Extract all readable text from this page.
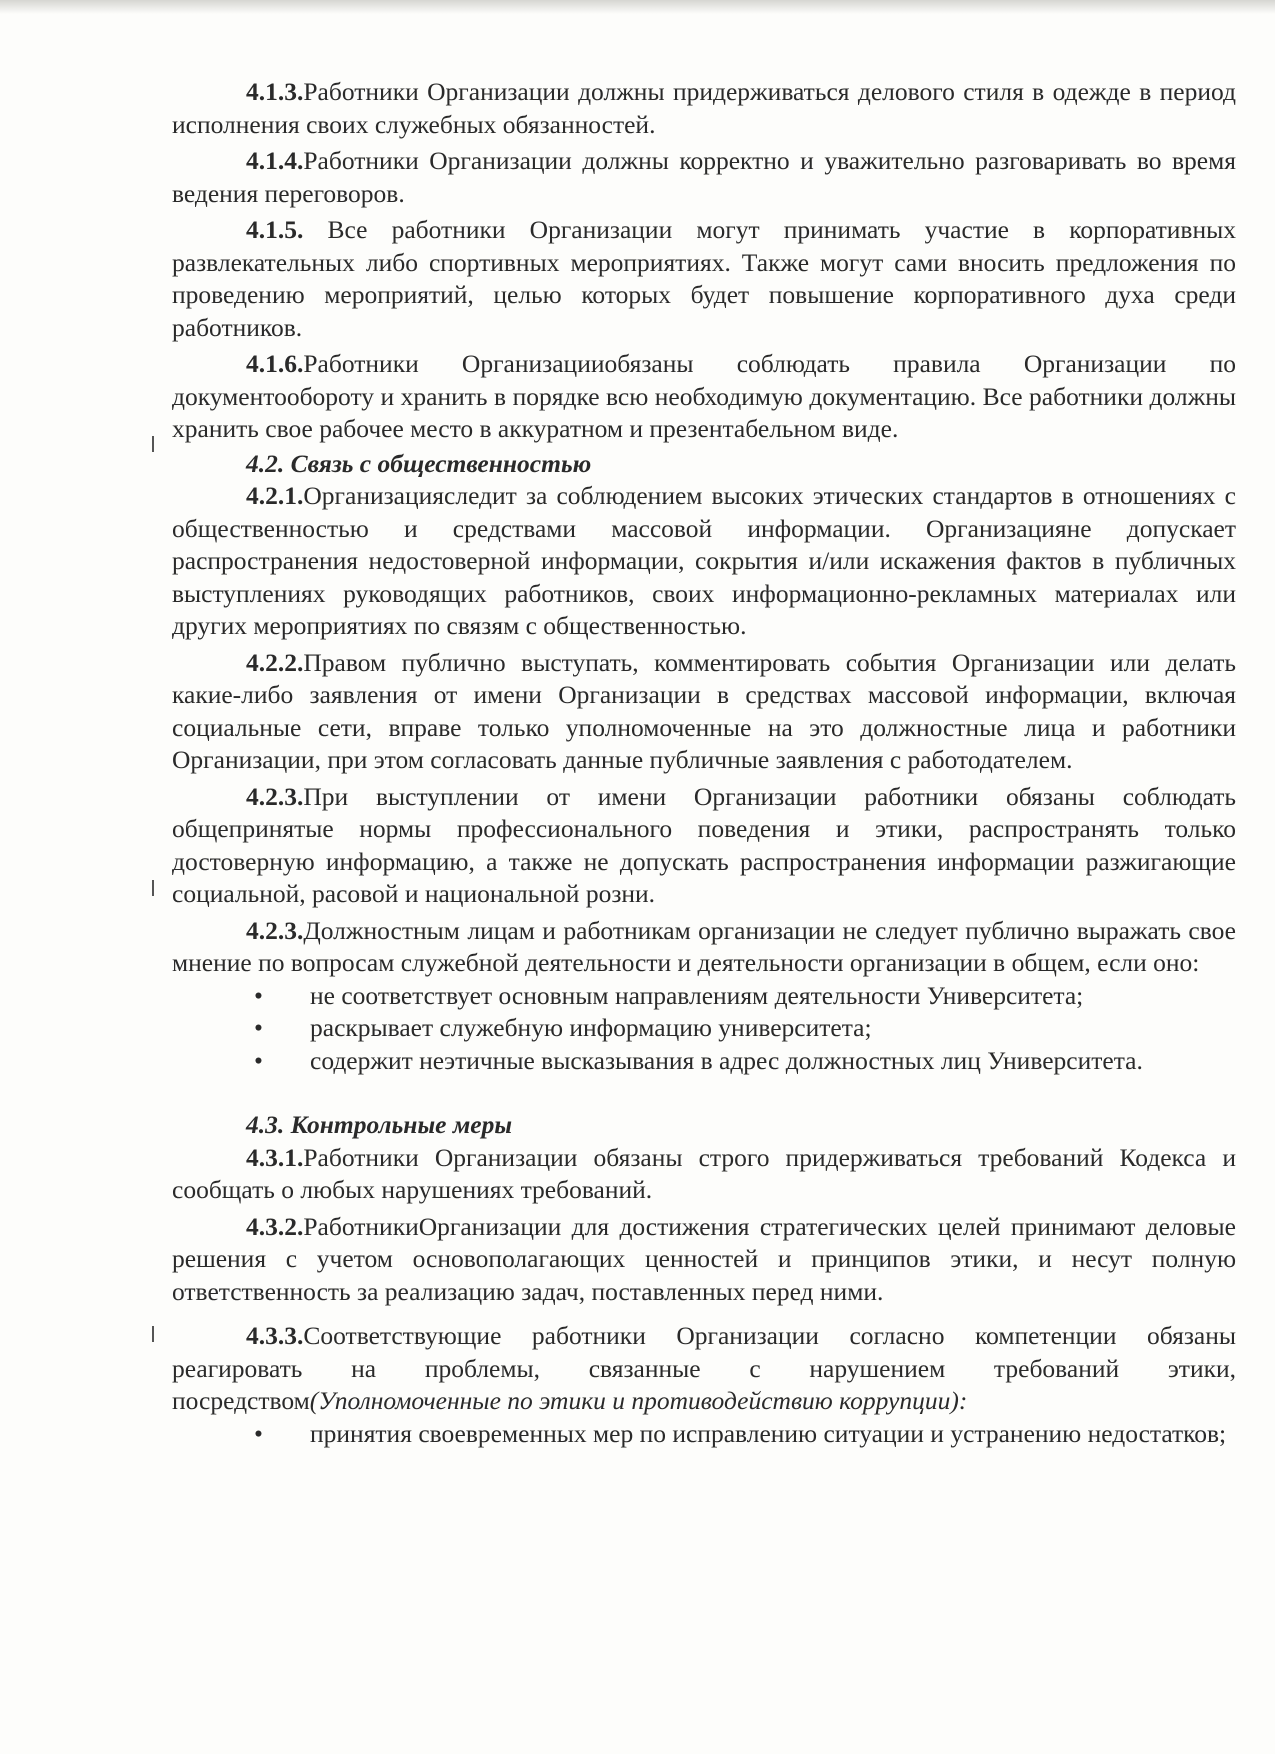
4.1.3.Работники Организации должны придерживаться делового стиля в одежде в период исполнения своих служебных обязанностей.

4.1.4.Работники Организации должны корректно и уважительно разговаривать во время ведения переговоров.

4.1.5. Все работники Организации могут принимать участие в корпоративных развлекательных либо спортивных мероприятиях. Также могут сами вносить предложения по проведению мероприятий, целью которых будет повышение корпоративного духа среди работников.

4.1.6.Работники Организацииобязаны соблюдать правила Организации по документообороту и хранить в порядке всю необходимую документацию. Все работники должны хранить свое рабочее место в аккуратном и презентабельном виде.

4.2. Связь с общественностью

4.2.1.Организацияследит за соблюдением высоких этических стандартов в отношениях с общественностью и средствами массовой информации. Организацияне допускает распространения недостоверной информации, сокрытия и/или искажения фактов в публичных выступлениях руководящих работников, своих информационно-рекламных материалах или других мероприятиях по связям с общественностью.

4.2.2.Правом публично выступать, комментировать события Организации или делать какие-либо заявления от имени Организации в средствах массовой информации, включая социальные сети, вправе только уполномоченные на это должностные лица и работники Организации, при этом согласовать данные публичные заявления с работодателем.

4.2.3.При выступлении от имени Организации работники обязаны соблюдать общепринятые нормы профессионального поведения и этики, распространять только достоверную информацию, а также не допускать распространения информации разжигающие социальной, расовой и национальной розни.

4.2.3.Должностным лицам и работникам организации не следует публично выражать свое мнение по вопросам служебной деятельности и деятельности организации в общем, если оно:

• не соответствует основным направлениям деятельности Университета;

• раскрывает служебную информацию университета;

• содержит неэтичные высказывания в адрес должностных лиц Университета.

4.3. Контрольные меры

4.3.1.Работники Организации обязаны строго придерживаться требований Кодекса и сообщать о любых нарушениях требований.

4.3.2.РаботникиОрганизации для достижения стратегических целей принимают деловые решения с учетом основополагающих ценностей и принципов этики, и несут полную ответственность за реализацию задач, поставленных перед ними.

4.3.3.Соответствующие работники Организации согласно компетенции обязаны реагировать на проблемы, связанные с нарушением требований этики, посредством(Уполномоченные по этики и противодействию коррупции):

• принятия своевременных мер по исправлению ситуации и устранению недостатков;
